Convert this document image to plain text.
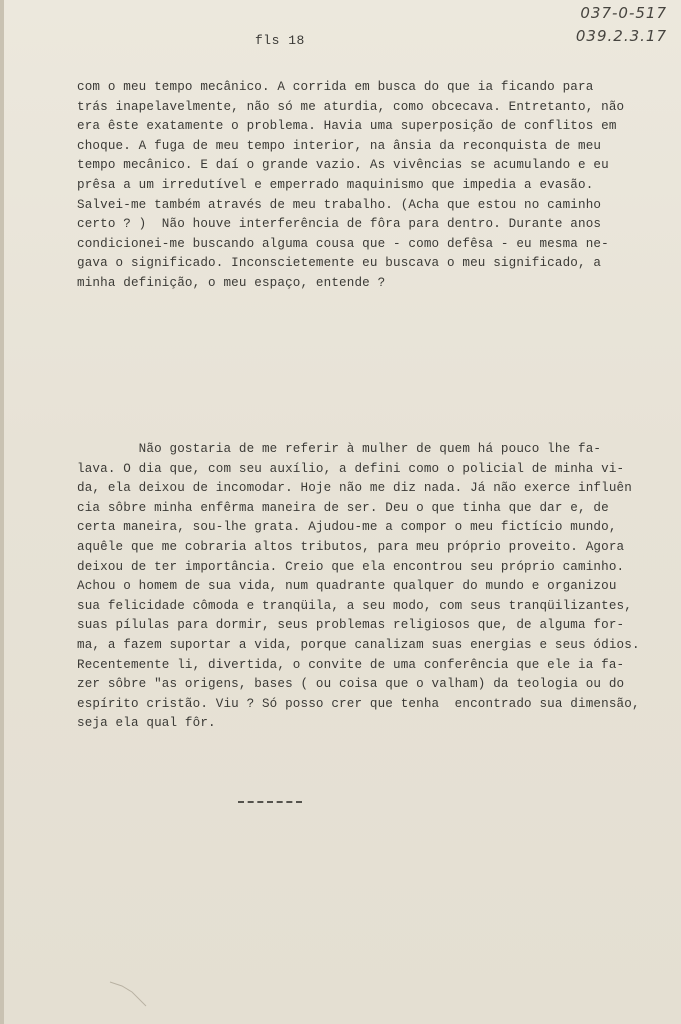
fls 18
037-0-517
039.2.3.17
com o meu tempo mecânico. A corrida em busca do que ia ficando para
trás inapelavelmente, não só me aturdia, como obcecava. Entretanto, não
era êste exatamente o problema. Havia uma superposição de conflitos em
choque. A fuga de meu tempo interior, na ânsia da reconquista de meu
tempo mecânico. E daí o grande vazio. As vivências se acumulando e eu
prêsa a um irredutível e emperrado maquinismo que impedia a evasão.
Salvei-me também através de meu trabalho. (Acha que estou no caminho
certo ? )  Não houve interferência de fôra para dentro. Durante anos
condicionei-me buscando alguma cousa que - como defêsa - eu mesma ne-
gava o significado. Inconscietemente eu buscava o meu significado, a
minha definição, o meu espaço, entende ?
Não gostaria de me referir à mulher de quem há pouco lhe fa-
lava. O dia que, com seu auxílio, a defini como o policial de minha vi-
da, ela deixou de incomodar. Hoje não me diz nada. Já não exerce influên
cia sôbre minha enfêrma maneira de ser. Deu o que tinha que dar e, de
certa maneira, sou-lhe grata. Ajudou-me a compor o meu fictício mundo,
aquêle que me cobraria altos tributos, para meu próprio proveito. Agora
deixou de ter importância. Creio que ela encontrou seu próprio caminho.
Achou o homem de sua vida, num quadrante qualquer do mundo e organizou
sua felicidade cômoda e tranqüila, a seu modo, com seus tranqüilizantes,
suas pílulas para dormir, seus problemas religiosos que, de alguma for-
ma, a fazem suportar a vida, porque canalizam suas energias e seus ódios.
Recentemente li, divertida, o convite de uma conferência que ele ia fa-
zer sôbre "as origens, bases ( ou coisa que o valham) da teologia ou do
espírito cristão. Viu ? Só posso crer que tenha  encontrado sua dimensão,
seja ela qual fôr.
